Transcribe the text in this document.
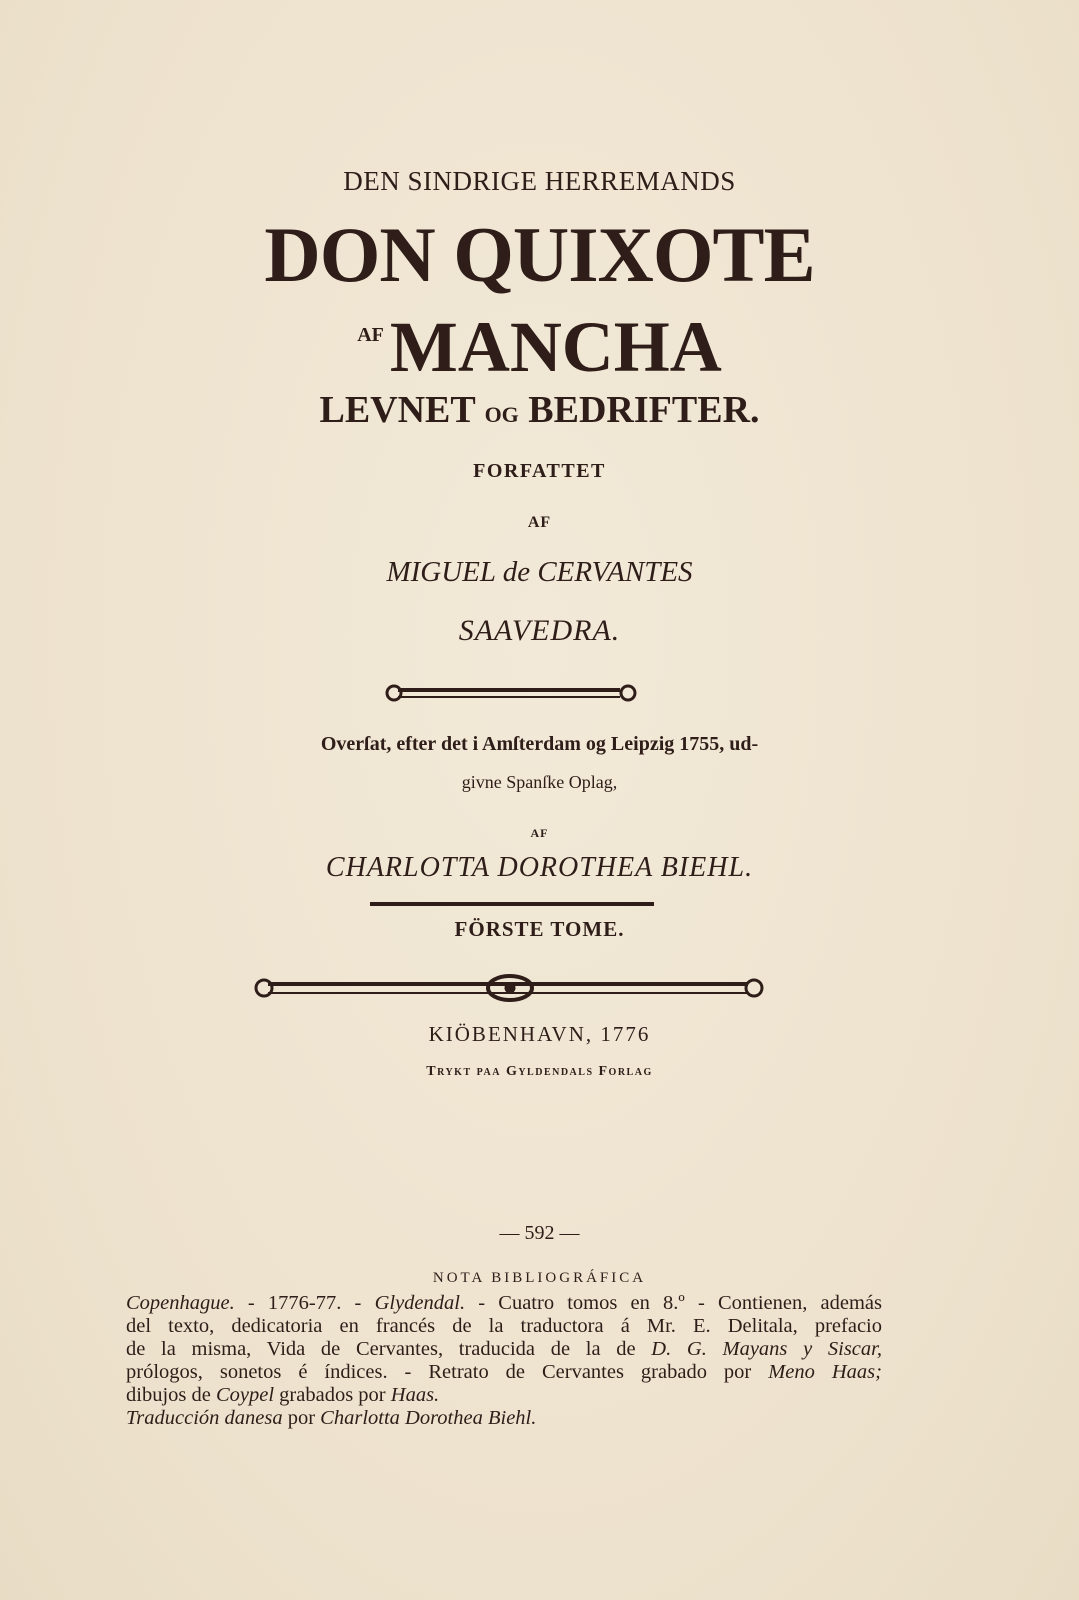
DEN SINDRIGE HERREMANDS
DON QUIXOTE
$^{AF}$MANCHA
LEVNET OG BEDRIFTER.
FORFATTET
AF
MIGUEL de CERVANTES
SAAVEDRA.
Overſat, efter det i Amſterdam og Leipzig 1755, ud-
givne Spanſke Oplag,
AF
CHARLOTTA DOROTHEA BIEHL.
FÖRSTE TOME.
KIÖBENHAVN, 1776
Trykt paa Gyldendals Forlag
— 592 —
NOTA BIBLIOGRÁFICA
Copenhague. - 1776-77. - Glydendal. - Cuatro tomos en 8.º - Contienen, además
del texto, dedicatoria en francés de la traductora á Mr. E. Delitala, prefacio
de la misma, Vida de Cervantes, traducida de la de D. G. Mayans y Siscar,
prólogos, sonetos é índices. - Retrato de Cervantes grabado por Meno Haas;
dibujos de Coypel grabados por Haas.
Traducción danesa por Charlotta Dorothea Biehl.
